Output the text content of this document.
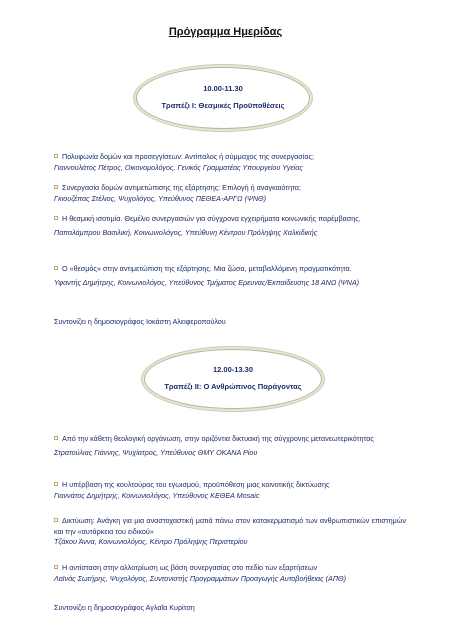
Πρόγραμμα Ημερίδας
10.00-11.30
Τραπέζι Ι: Θεσμικές Προϋποθέσεις
Πολυφωνία δομών και προσεγγίσεων: Αντίπαλος ή σύμμαχος της συνεργασίας;
Γιαννουλάτος Πέτρος, Οικονομολόγος, Γενικός Γραμματέας Υπουργείου Υγείας
Συνεργασία δομών αντιμετώπισης της εξάρτησης: Επιλογή ή αναγκαιότητα;
Γκιουζέπας Στέλιος, Ψυχολόγος, Υπεύθυνος ΠΕΘΕΑ-ΑΡΓΩ (ΨΝΘ)
Η θεσμική ισοτιμία. Θεμέλιο συνεργασιών για σύγχρονα εγχειρήματα κοινωνικής παρέμβασης.
Παπαλάμπρου Βασιλική, Κοινωνιολόγος, Υπεύθυνη Κέντρου Πρόληψης Χαλκιδικής
Ο «θεσμός» στην αντιμετώπιση της εξάρτησης. Μια ζώσα, μεταβαλλόμενη πραγματικότητα.
Υφαντής Δημήτρης, Κοινωνιολόγος, Υπεύθυνος Τμήματος Ερευνας/Εκπαίδευσης 18 ΑΝΩ (ΨΝΑ)
Συντονίζει η δημοσιογράφος Ιοκάστη Αλειφεροπούλου
12.00-13.30
Τραπέζι ΙΙ: Ο Ανθρώπινος Παράγοντας
Από την κάθετη θεολογική οργάνωση, στην οριζόντια δικτυακή της σύγχρονης μετανεωτερικότητας
Στρατούλιας Γιάννης, Ψυχίατρος, Υπεύθυνος ΘΜΥ ΟΚΑΝΑ Ρίου
Η υπέρβαση της κουλτούρας του εγωισμού, προϋπόθεση μιας κοινοτικής δικτύωσης
Γιαννάτος Δημήτρης, Κοινωνιολόγος, Υπεύθυνος ΚΕΘΕΑ Mosaic
Δικτύωση: Ανάγκη για μια αναστοχαστική ματιά πάνω στον κατακερματισμό των ανθρωπιστικών επιστημών και την «αυτάρκεια του ειδικού»
Τζάκου Άννα, Κοινωνιολόγος, Κέντρο Πρόληψης Περιστερίου
Η αντίσταση στην αλλοτρίωση ως βάση συνεργασίας στο πεδίο των εξαρτήσεων
Λαϊνάς Σωτήρης, Ψυχολόγος, Συντονιστής Προγραμμάτων Προαγωγής Αυτοβοήθειας (ΑΠΘ)
Συντονίζει η δημοσιογράφος Αγλαΐα Κυρίτση
